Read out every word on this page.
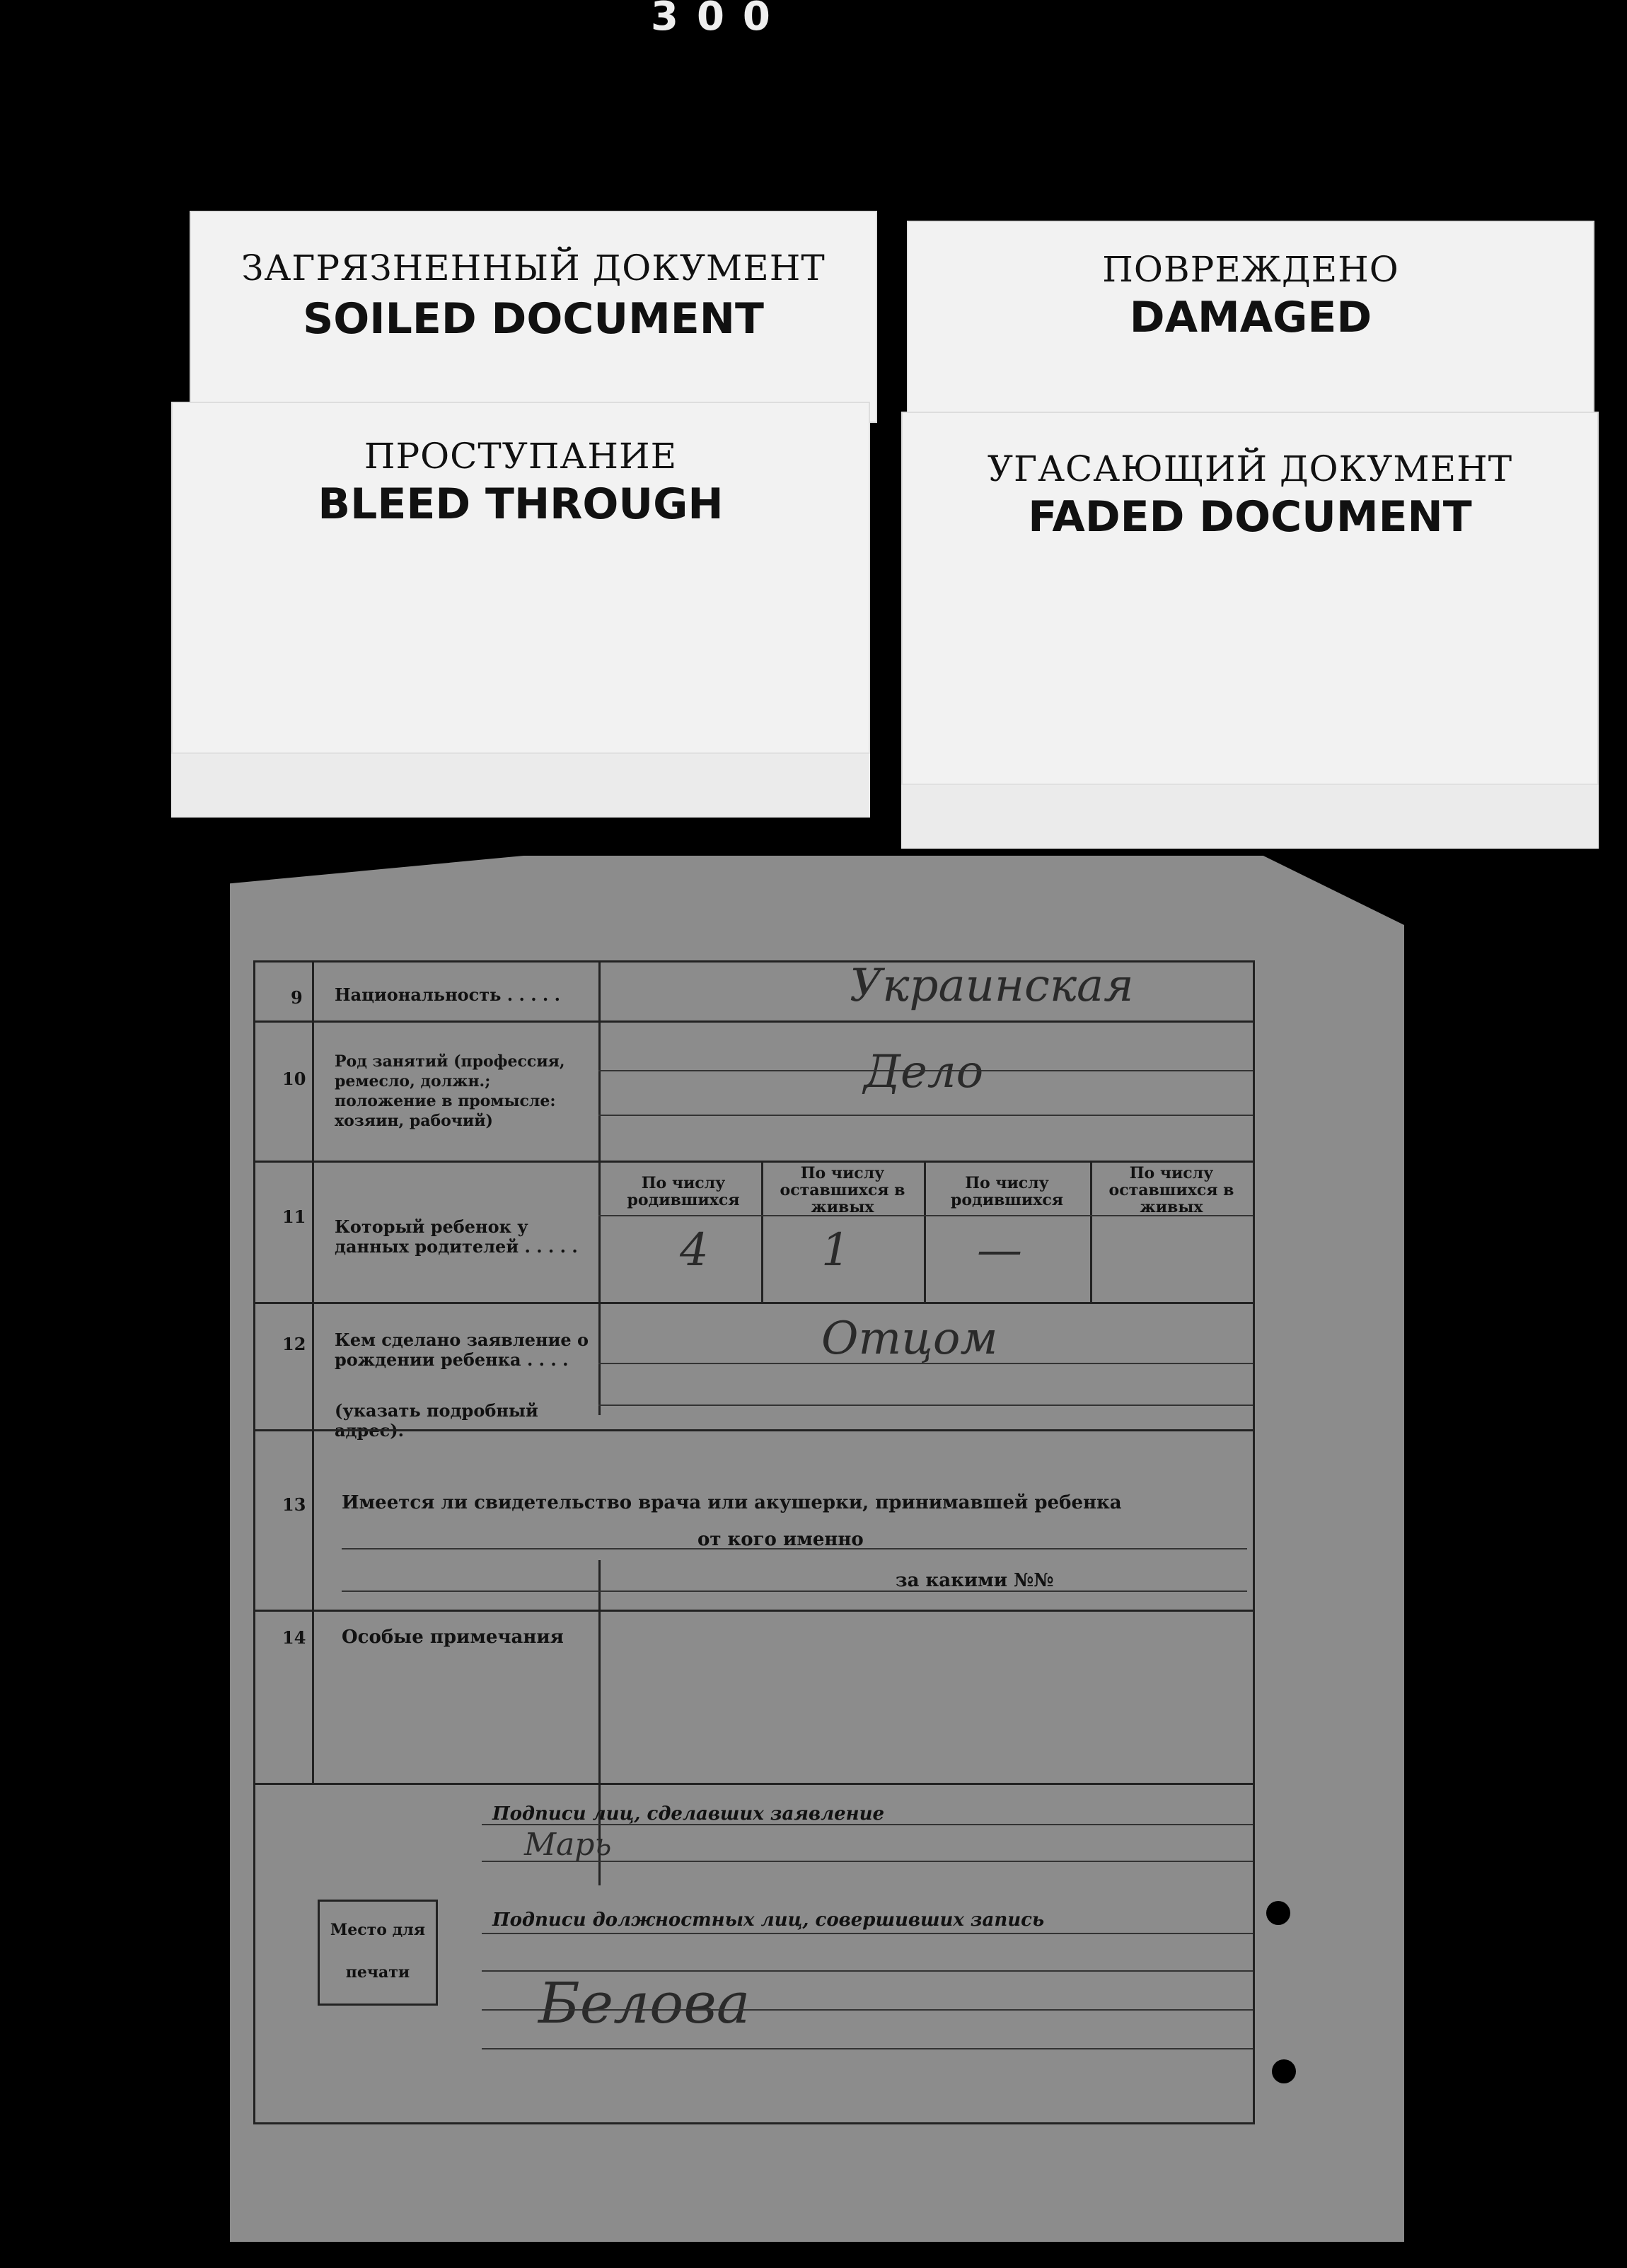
300
ЗАГРЯЗНЕННЫЙ ДОКУМЕНТ
SOILED DOCUMENT
ПОВРЕЖДЕНО
DAMAGED
ПРОСТУПАНИЕ
BLEED THROUGH
УГАСАЮЩИЙ ДОКУМЕНТ
FADED DOCUMENT
9 Национальность . . . . .	Украинская
10
Род занятий (профессия, ремесло, должн.; положение в промысле: хозяин, рабочий)
Дело
11 Который ребенок у данных родителей . . . . .
По числу родившихся
По числу оставшихся в живых
По числу родившихся
По числу оставшихся в живых
4 1	—
12 Кем сделано заявление о рождении ребенка . . . .
(указать подробный адрес).
Отцом
13 Имеется ли свидетельство врача или акушерки, принимавшей ребенка
от кого именно
за какими №№
14 Особые примечания
Подписи лиц, сделавших заявление
Марь
Подписи должностных лиц, совершивших запись
Белова
Место для печати
